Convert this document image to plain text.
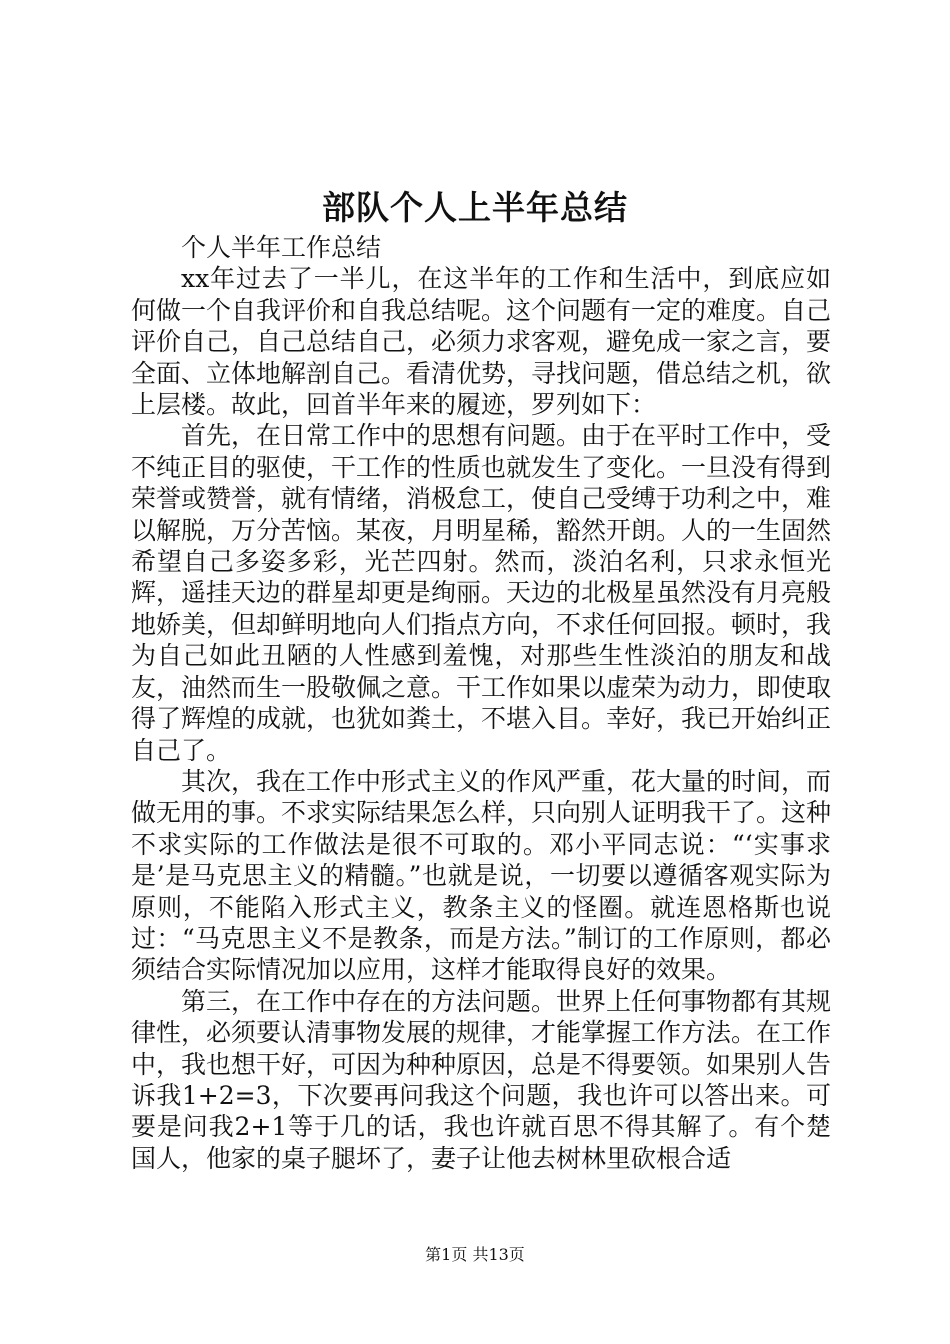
部队个人上半年总结

个人半年工作总结

xx年过去了一半儿，在这半年的工作和生活中，到底应如何做一个自我评价和自我总结呢。这个问题有一定的难度。自己评价自己，自己总结自己，必须力求客观，避免成一家之言，要全面、立体地解剖自己。看清优势，寻找问题，借总结之机，欲上层楼。故此，回首半年来的履迹，罗列如下：

首先，在日常工作中的思想有问题。由于在平时工作中，受不纯正目的驱使，干工作的性质也就发生了变化。一旦没有得到荣誉或赞誉，就有情绪，消极怠工，使自己受缚于功利之中，难以解脱，万分苦恼。某夜，月明星稀，豁然开朗。人的一生固然希望自己多姿多彩，光芒四射。然而，淡泊名利，只求永恒光辉，遥挂天边的群星却更是绚丽。天边的北极星虽然没有月亮般地娇美，但却鲜明地向人们指点方向，不求任何回报。顿时，我为自己如此丑陋的人性感到羞愧，对那些生性淡泊的朋友和战友，油然而生一股敬佩之意。干工作如果以虚荣为动力，即使取得了辉煌的成就，也犹如粪土，不堪入目。幸好，我已开始纠正自己了。

其次，我在工作中形式主义的作风严重，花大量的时间，而做无用的事。不求实际结果怎么样，只向别人证明我干了。这种不求实际的工作做法是很不可取的。邓小平同志说：“‘实事求是’是马克思主义的精髓。”也就是说，一切要以遵循客观实际为原则，不能陷入形式主义，教条主义的怪圈。就连恩格斯也说过：“马克思主义不是教条，而是方法。”制订的工作原则，都必须结合实际情况加以应用，这样才能取得良好的效果。

第三，在工作中存在的方法问题。世界上任何事物都有其规律性，必须要认清事物发展的规律，才能掌握工作方法。在工作中，我也想干好，可因为种种原因，总是不得要领。如果别人告诉我1+2=3，下次要再问我这个问题，我也许可以答出来。可要是问我2+1等于几的话，我也许就百思不得其解了。有个楚国人，他家的桌子腿坏了，妻子让他去树林里砍根合适

第1页 共13页
